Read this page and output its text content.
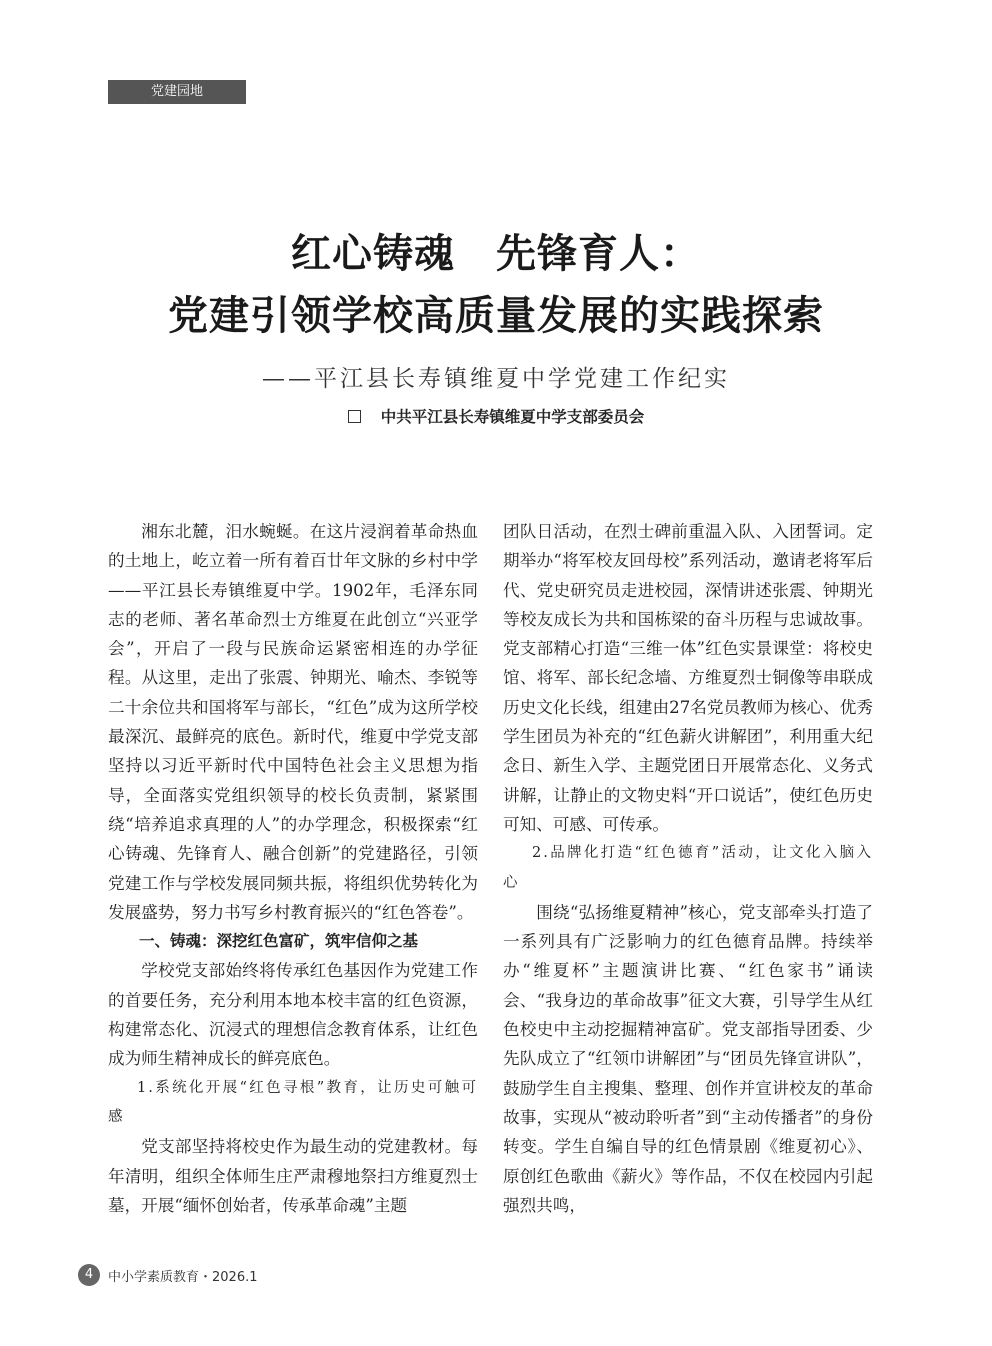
党建园地
红心铸魂　先锋育人：
党建引领学校高质量发展的实践探索
——平江县长寿镇维夏中学党建工作纪实
中共平江县长寿镇维夏中学支部委员会

湘东北麓，汨水蜿蜒。在这片浸润着革命热血的土地上，屹立着一所有着百廿年文脉的乡村中学——平江县长寿镇维夏中学。1902年，毛泽东同志的老师、著名革命烈士方维夏在此创立“兴亚学会”，开启了一段与民族命运紧密相连的办学征程。从这里，走出了张震、钟期光、喻杰、李锐等二十余位共和国将军与部长，“红色”成为这所学校最深沉、最鲜亮的底色。新时代，维夏中学党支部坚持以习近平新时代中国特色社会主义思想为指导，全面落实党组织领导的校长负责制，紧紧围绕“培养追求真理的人”的办学理念，积极探索“红心铸魂、先锋育人、融合创新”的党建路径，引领党建工作与学校发展同频共振，将组织优势转化为发展盛势，努力书写乡村教育振兴的“红色答卷”。

一、铸魂：深挖红色富矿，筑牢信仰之基

学校党支部始终将传承红色基因作为党建工作的首要任务，充分利用本地本校丰富的红色资源，构建常态化、沉浸式的理想信念教育体系，让红色成为师生精神成长的鲜亮底色。

1.系统化开展“红色寻根”教育，让历史可触可感

党支部坚持将校史作为最生动的党建教材。每年清明，组织全体师生庄严肃穆地祭扫方维夏烈士墓，开展“缅怀创始者，传承革命魂”主题

团队日活动，在烈士碑前重温入队、入团誓词。定期举办“将军校友回母校”系列活动，邀请老将军后代、党史研究员走进校园，深情讲述张震、钟期光等校友成长为共和国栋梁的奋斗历程与忠诚故事。党支部精心打造“三维一体”红色实景课堂：将校史馆、将军、部长纪念墙、方维夏烈士铜像等串联成历史文化长线，组建由27名党员教师为核心、优秀学生团员为补充的“红色薪火讲解团”，利用重大纪念日、新生入学、主题党团日开展常态化、义务式讲解，让静止的文物史料“开口说话”，使红色历史可知、可感、可传承。

2.品牌化打造“红色德育”活动，让文化入脑入心

围绕“弘扬维夏精神”核心，党支部牵头打造了一系列具有广泛影响力的红色德育品牌。持续举办“维夏杯”主题演讲比赛、“红色家书”诵读会、“我身边的革命故事”征文大赛，引导学生从红色校史中主动挖掘精神富矿。党支部指导团委、少先队成立了“红领巾讲解团”与“团员先锋宣讲队”，鼓励学生自主搜集、整理、创作并宣讲校友的革命故事，实现从“被动聆听者”到“主动传播者”的身份转变。学生自编自导的红色情景剧《维夏初心》、原创红色歌曲《薪火》等作品，不仅在校园内引起强烈共鸣，

4	中小学素质教育・2026.1
